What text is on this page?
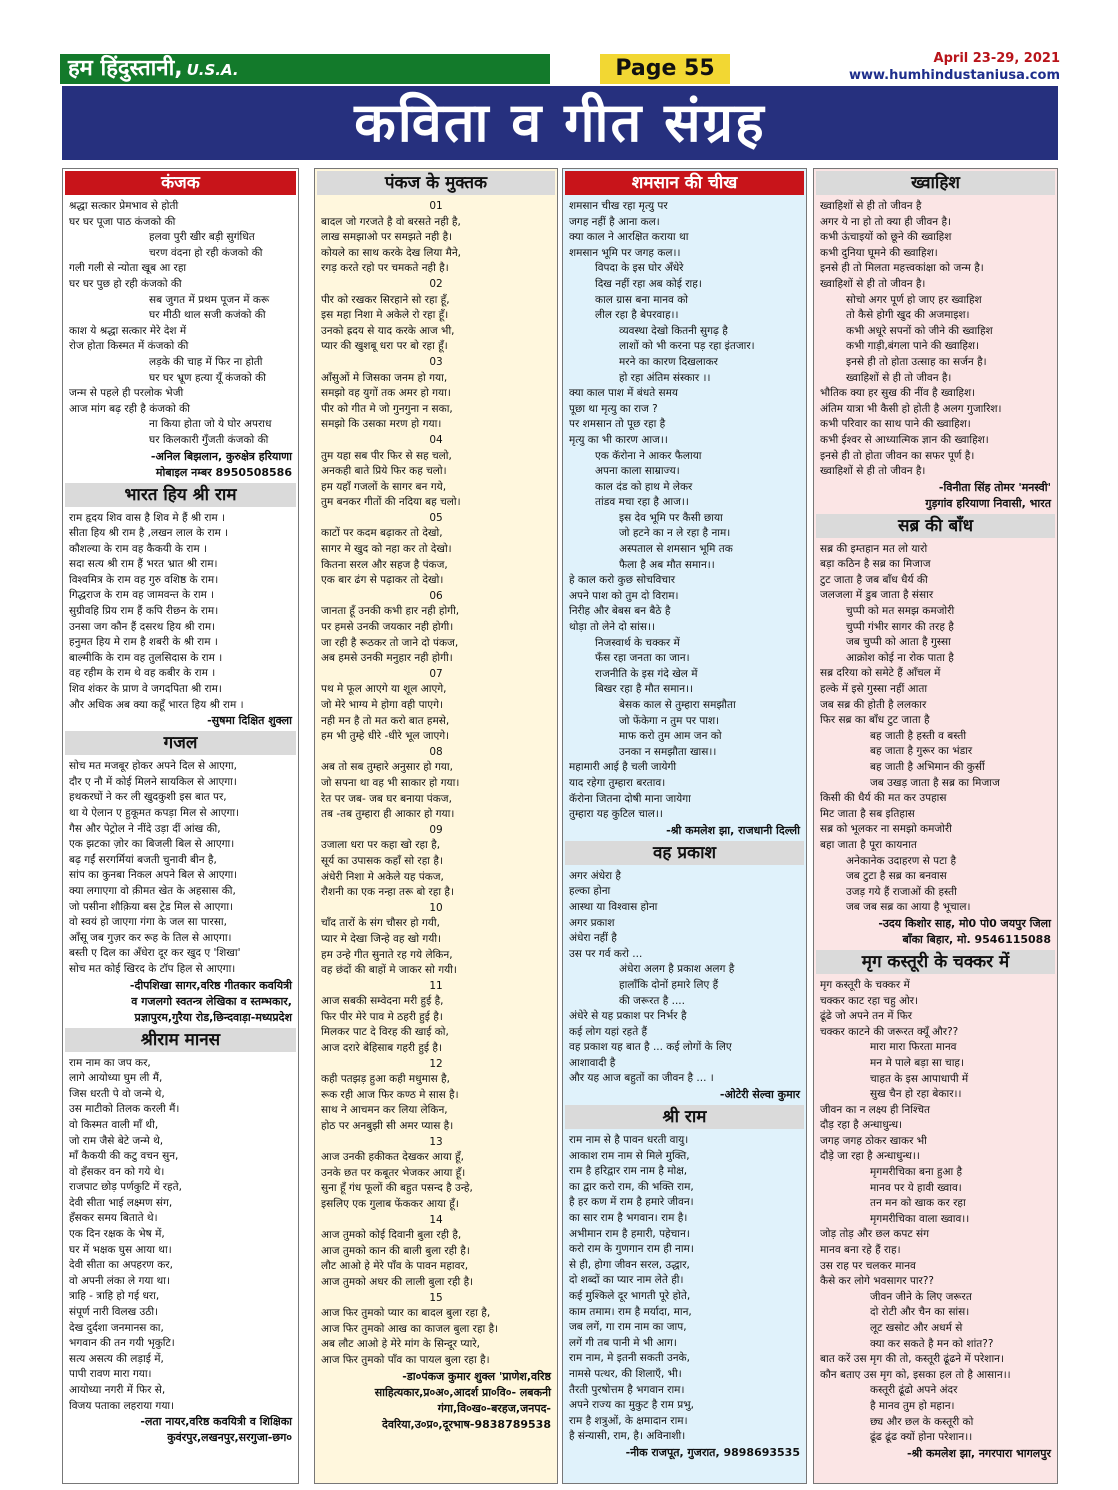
हम हिंदुस्तानी, U.S.A.	Page 55	April 23-29, 2021
www.humhindustaniusa.com
कविता व गीत संग्रह
कंजक
श्रद्धा सत्कार प्रेमभाव से होती
घर घर पूजा पाठ कंजको की
हलवा पुरी खीर बड़ी सुगंधित
चरण वंदना हो रही कंजको की
गली गली से न्योता खूब आ रहा
घर घर पुछ हो रही कंजको की
सब जुगत में प्रथम पूजन में करू
घर मीठी थाल सजी कजंको की
काश ये श्रद्धा सत्कार मेरे देश में
रोज होता किस्मत में कंजको की
लड़के की चाह में फिर ना होती
घर घर भ्रूण हत्या यूँ कंजको की
जन्म से पहले ही परलोक भेजी
आज मांग बढ़ रही है कंजको की
ना किया होता जो ये घोर अपराध
घर किलकारी गुँजती कंजको की
-अनिल बिझलान, कुरुक्षेत्र हरियाणा
मोबाइल नम्बर 8950508586
भारत हिय श्री राम
राम हृदय शिव वास है शिव मे हैं श्री राम ।
सीता हिय श्री राम है ,लखन लाल के राम ।
कौशल्या के राम वह कैकयी के राम ।
सदा सत्य श्री राम हैं भरत भ्रात श्री राम।
विश्वमित्र के राम वह गुरु वशिष्ठ के राम।
गिद्धराज के राम वह जामवन्त के राम ।
सुग्रीवहि प्रिय राम हैं कपि रीछन के राम।
उनसा जग कौन हैं दसरथ हिय श्री राम।
हनुमत हिय मे राम है शबरी के श्री राम ।
बाल्मीकि के राम वह तुलसिदास के राम ।
वह रहीम के राम थे वह कबीर के राम ।
शिव शंकर के प्राण वे जगदपिता श्री राम।
और अधिक अब क्या कहूँ भारत हिय श्री राम ।
-सुषमा दिक्षित शुक्ला
गजल
सोच मत मजबूर होकर अपने दिल से आएगा,
दौर ए नौ में कोई मिलने सायकिल से आएगा।
हथकरघों ने कर ली खुदकुशी इस बात पर,
था ये ऐलान ए हुकूमत कपड़ा मिल से आएगा।
गैस और पेट्रोल ने नींदे उड़ा दीं आंख की,
एक झटका ज़ोर का बिजली बिल से आएगा।
बढ़ गईं सरगर्मियां बजती चुनावी बीन है,
सांप का कुनबा निकल अपने बिल से आएगा।
क्या लगाएगा वो क़ीमत खेत के अहसास की,
जो पसीना शौक़िया बस ट्रेड मिल से आएगा।
वो स्वयं हो जाएगा गंगा के जल सा पारसा,
आँसू जब गुज़र कर रूह के तिल से आएगा।
बस्ती ए दिल का अँधेरा दूर कर खुद ए 'शिखा'
सोच मत कोई खिरद के टॉप हिल से आएगा।
-दीपशिखा सागर,वरिष्ठ गीतकार कवयित्री
व गजलगो स्वतन्त्र लेखिका व स्तम्भकार,
प्रज्ञापुरम,गुरैया रोड,छिन्दवाड़ा-मध्यप्रदेश
श्रीराम मानस
राम नाम का जप कर,
लागे आयोध्या घुम ली मैं,
जिस धरती पे वो जन्मे थे,
उस माटीको तिलक करली मैं।
वो किस्मत वाली माँ थी,
जो राम जैसे बेटे जन्मे थे,
माँ कैकयी की कटु वचन सुन,
वो हँसकर वन को गये थे।
राजपाट छोड़ पर्णकुटि में रहते,
देवी सीता भाई लक्ष्मण संग,
हँसकर समय बिताते थे।
एक दिन रक्षक के भेष में,
घर में भक्षक घुस आया था।
देवी सीता का अपहरण कर,
वो अपनी लंका ले गया था।
त्राहि - त्राहि हो गई धरा,
संपूर्ण नारी विलख उठी।
देख दुर्दशा जनमानस का,
भगवान की तन गयी भृकुटि।
सत्य असत्य की लड़ाई में,
पापी रावण मारा गया।
आयोध्या नगरी में फिर से,
विजय पताका लहराया गया।
-लता नायर,वरिष्ठ कवयित्री व शिक्षिका
कुवंरपुर,लखनपुर,सरगुजा-छग०
पंकज के मुक्तक
01
बादल जो गरजते है वो बरसते नही है,
लाख समझाओ पर समझते नही है।
कोयले का साथ करके देख लिया मैने,
रगड़ करते रहो पर चमकते नही है।
02
पीर को रखकर सिरहाने सो रहा हूँ,
इस महा निशा मे अकेले रो रहा हूँ।
उनको ह्रदय से याद करके आज भी,
प्यार की खुशबू धरा पर बो रहा हूँ।
03
आँसुओं मे जिसका जनम हो गया,
समझो वह युगों तक अमर हो गया।
पीर को गीत मे जो गुनगुना न सका,
समझो कि उसका मरण हो गया।
04
तुम यहा सब पीर फिर से सह चलो,
अनकही बाते प्रिये फिर कह चलो।
हम यहाँ गजलों के सागर बन गये,
तुम बनकर गीतों की नदिया बह चलो।
05
काटों पर कदम बढ़ाकर तो देखो,
सागर मे खुद को नहा कर तो देखो।
कितना सरल और सहज है पंकज,
एक बार ढंग से पढ़ाकर तो देखो।
06
जानता हूँ उनकी कभी हार नही होगी,
पर हमसे उनकी जयकार नही होगी।
जा रही है रूठकर तो जाने दो पंकज,
अब हमसे उनकी मनुहार नही होगी।
07
पथ मे फूल आएगे या शूल आएगे,
जो मेरे भाग्य मे होगा वही पाएगे।
नही मन है तो मत करो बात हमसे,
हम भी तुम्हे धीरे -धीरे भूल जाएगे।
08
अब तो सब तुम्हारे अनुसार हो गया,
जो सपना था वह भी साकार हो गया।
रेत पर जब- जब घर बनाया पंकज,
तब -तब तुम्हारा ही आकार हो गया।
09
उजाला धरा पर कहा खो रहा है,
सूर्य का उपासक कहाँ सो रहा है।
अंधेरी निशा मे अकेले यह पंकज,
रौशनी का एक नन्हा तरू बो रहा है।
10
चाँद तारों के संग चौसर हो गयी,
प्यार मे देखा जिन्हे वह खो गयी।
हम उन्हे गीत सुनाते रह गये लेकिन,
वह छंदों की बाहों मे जाकर सो गयी।
11
आज सबकी सम्वेदना मरी हुई है,
फिर पीर मेरे पाव मे ठहरी हुई है।
मिलकर पाट दे विरह की खाई को,
आज दरारे बेहिसाब गहरी हुई है।
12
कही पतझड़ हुआ कही मधुमास है,
रूक रही आज फिर कण्ठ मे सास है।
साथ ने आचमन कर लिया लेकिन,
होठ पर अनबुझी सी अमर प्यास है।
13
आज उनकी हकीकत देखकर आया हूँ,
उनके छत पर कबूतर भेजकर आया हूँ।
सुना हूँ गंध फूलों की बहुत पसन्द है उन्हे,
इसलिए एक गुलाब फेंककर आया हूँ।
14
आज तुमको कोई दिवानी बुला रही है,
आज तुमको कान की बाली बुला रही है।
लौट आओ हे मेरे पाँव के पावन महावर,
आज तुमको अधर की लाली बुला रही है।
15
आज फिर तुमको प्यार का बादल बुला रहा है,
आज फिर तुमको आख का काजल बुला रहा है।
अब लौट आओ हे मेरे मांग के सिन्दूर प्यारे,
आज फिर तुमको पाँव का पायल बुला रहा है।
-डा०पंकज कुमार शुक्ल 'प्राणेश,वरिष्ठ
साहित्यकार,प्र०अ०,आदर्श प्रा०वि०- लबकनी
गंगा,वि०ख०-बरहज,जनपद-
देवरिया,उ०प्र०,दूरभाष-9838789538
शमसान की चीख
शमसान चीख रहा मृत्यु पर
जगह नहीं है आना कल।
क्या काल ने आरक्षित कराया था
शमसान भूमि पर जगह कल।।
विपदा के इस घोर अँधेरे
दिख नहीं रहा अब कोई राह।
काल ग्रास बना मानव को
लील रहा है बेपरवाह।।
व्यवस्था देखो कितनी सुगढ़ है
लाशों को भी करना पड़ रहा इंतजार।
मरने का कारण दिखलाकर
हो रहा अंतिम संस्कार ।।
क्या काल पाश में बंधते समय
पूछा था मृत्यु का राज ?
पर शमसान तो पूछ रहा है
मृत्यु का भी कारण आज।।
एक कॅरोना ने आकर फैलाया
अपना काला साम्राज्य।
काल दंड को हाथ मे लेकर
तांडव मचा रहा है आज।।
इस देव भूमि पर कैसी छाया
जो हटने का न ले रहा है नाम।
अस्पताल से शमसान भूमि तक
फैला है अब मौत समान।।
हे काल करो कुछ सोचविचार
अपने पाश को तुम दो विराम।
निरीह और बेबस बन बैठे है
थोड़ा तो लेने दो सांस।।
निजस्वार्थ के चक्कर में
फँस रहा जनता का जान।
राजनीति के इस गंदे खेल में
बिखर रहा है मौत समान।।
बेसक काल से तुम्हारा समझौता
जो फेंकेगा न तुम पर पाश।
माफ करो तुम आम जन को
उनका न समझौता खास।।
महामारी आई है चली जायेगी
याद रहेगा तुम्हारा बरताव।
कॅरोना जितना दोषी माना जायेगा
तुम्हारा यह कुटिल चाल।।
-श्री कमलेश झा, राजधानी दिल्ली
वह प्रकाश
अगर अंधेरा है
हल्का होना
आस्था या विश्वास होना
अगर प्रकाश
अंधेरा नहीं है
उस पर गर्व करो ...
अंधेरा अलग है प्रकाश अलग है
हालाँकि दोनों हमारे लिए हैं
की जरूरत है ....
अंधेरे से यह प्रकाश पर निर्भर है
कई लोग यहां रहते हैं
वह प्रकाश यह बात है ... कई लोगों के लिए
आशावादी है
और यह आज बहुतों का जीवन है ... ।
-ओटेरी सेल्वा कुमार
श्री राम
राम नाम से है पावन धरती वायु।
आकाश राम नाम से मिले मुक्ति,
राम है हरिद्वार राम नाम है मोक्ष,
का द्वार करो राम, की भक्ति राम,
है हर कण में राम है हमारे जीवन।
का सार राम है भगवान। राम है।
अभीमान राम है हमारी, पहेचान।
करो राम के गुणगान राम ही नाम।
से ही, होगा जीवन सरल, उद्धार,
दो शब्दों का प्यार नाम लेते ही।
कई मुश्किले दूर भागती पूरे होते,
काम तमाम। राम है मर्यादा, मान,
जब लगें, गा राम नाम का जाप,
लगें गी तब पानी मे भी आग।
राम नाम, मे इतनी सकती उनके,
नामसे पत्थर, की शिलाएँ, भी।
तैरती पुरषोत्तम है भगवान राम।
अपने राज्य का मुकुट है राम प्रभु,
राम है शत्रुओं, के क्षमादान राम।
है संन्यासी, राम, है। अविनाशी।
-नीक राजपूत, गुजरात, 9898693535
ख्वाहिश
ख्वाहिशों से ही तो जीवन है
अगर ये ना हो तो क्या ही जीवन है।
कभी ऊंचाइयों को छूने की ख्वाहिश
कभी दुनिया घूमने की ख्वाहिश।
इनसे ही तो मिलता महत्त्वकांक्षा को जन्म है।
ख्वाहिशों से ही तो जीवन है।
सोचो अगर पूर्ण हो जाए हर ख्वाहिश
तो कैसे होगी खुद की अजमाइश।
कभी अधूरे सपनों को जीने की ख्वाहिश
कभी गाड़ी,बंगला पाने की ख्वाहिश।
इनसे ही तो होता उत्साह का सर्जन है।
ख्वाहिशों से ही तो जीवन है।
भौतिक क्या हर सुख की नींव है ख्वाहिश।
अंतिम यात्रा भी कैसी हो होती है अलग गुजारिश।
कभी परिवार का साथ पाने की ख्वाहिश।
कभी ईश्वर से आध्यात्मिक ज्ञान की ख्वाहिश।
इनसे ही तो होता जीवन का सफर पूर्ण है।
ख्वाहिशों से ही तो जीवन है।
-विनीता सिंह तोमर 'मनस्वी'
गुड़गांव हरियाणा निवासी, भारत
सब्र की बाँध
सब्र की इम्तहान मत लो यारो
बड़ा कठिन है सब्र का मिजाज
टुट जाता है जब बाँध धैर्य की
जलजला में डुब जाता है संसार
चुप्पी को मत समझ कमजोरी
चुप्पी गंभीर सागर की तरह है
जब चुप्पी को आता है गुस्सा
आक्रोश कोई ना रोक पाता है
सब्र दरिया को समेटे हैं आँचल में
हल्के में इसे गुस्सा नहीं आता
जब सब्र की होती है ललकार
फिर सब्र का बाँध टुट जाता है
बह जाती है हस्ती व बस्ती
बह जाता है गुरूर का भंडार
बह जाती है अभिमान की कुर्सी
जब उखड़ जाता है सब्र का मिजाज
किसी की धैर्य की मत कर उपहास
मिट जाता है सब इतिहास
सब्र को भूलकर ना समझो कमजोरी
बहा जाता है पूरा कायनात
अनेकानेक उदाहरण से पटा है
जब टुटा है सब्र का बनवास
उजड़ गये हैं राजाओं की हस्ती
जब जब सब्र का आया है भूचाल।
-उदय किशोर साह, मो0 पो0 जयपुर जिला
बाँका बिहार, मो. 9546115088
मृग कस्तूरी के चक्कर में
मृग कस्तूरी के चक्कर में
चक्कर काट रहा चहु ओर।
ढूंढे जो अपने तन में फिर
चक्कर काटने की जरूरत क्यूँ और??
मारा मारा फिरता मानव
मन मे पाले बड़ा सा चाह।
चाहत के इस आपाधापी में
सुख चैन हो रहा बेकार।।
जीवन का न लक्ष्य ही निश्चित
दौड़ रहा है अन्धाधुन्ध।
जगह जगह ठोकर खाकर भी
दौड़े जा रहा है अन्धाधुन्ध।।
मृगमरीचिका बना हुआ है
मानव पर ये हावी ख्वाव।
तन मन को खाक कर रहा
मृगमरीचिका वाला ख्वाव।।
जोड़ तोड़ और छल कपट संग
मानव बना रहे हैं राह।
उस राह पर चलकर मानव
कैसे कर लोगे भवसागर पार??
जीवन जीने के लिए जरूरत
दो रोटी और चैन का सांस।
लूट खसोट और अधर्म से
क्या कर सकते है मन को शांत??
बात करें उस मृग की तो, कस्तूरी ढूंढने में परेशान।
कौन बताए उस मृग को, इसका हल तो है आसान।।
कस्तूरी ढूंढो अपने अंदर
है मानव तुम हो महान।
छ्य और छल के कस्तूरी को
ढूंढ ढूंढ क्यों होना परेशान।।
-श्री कमलेश झा, नगरपारा भागलपुर
